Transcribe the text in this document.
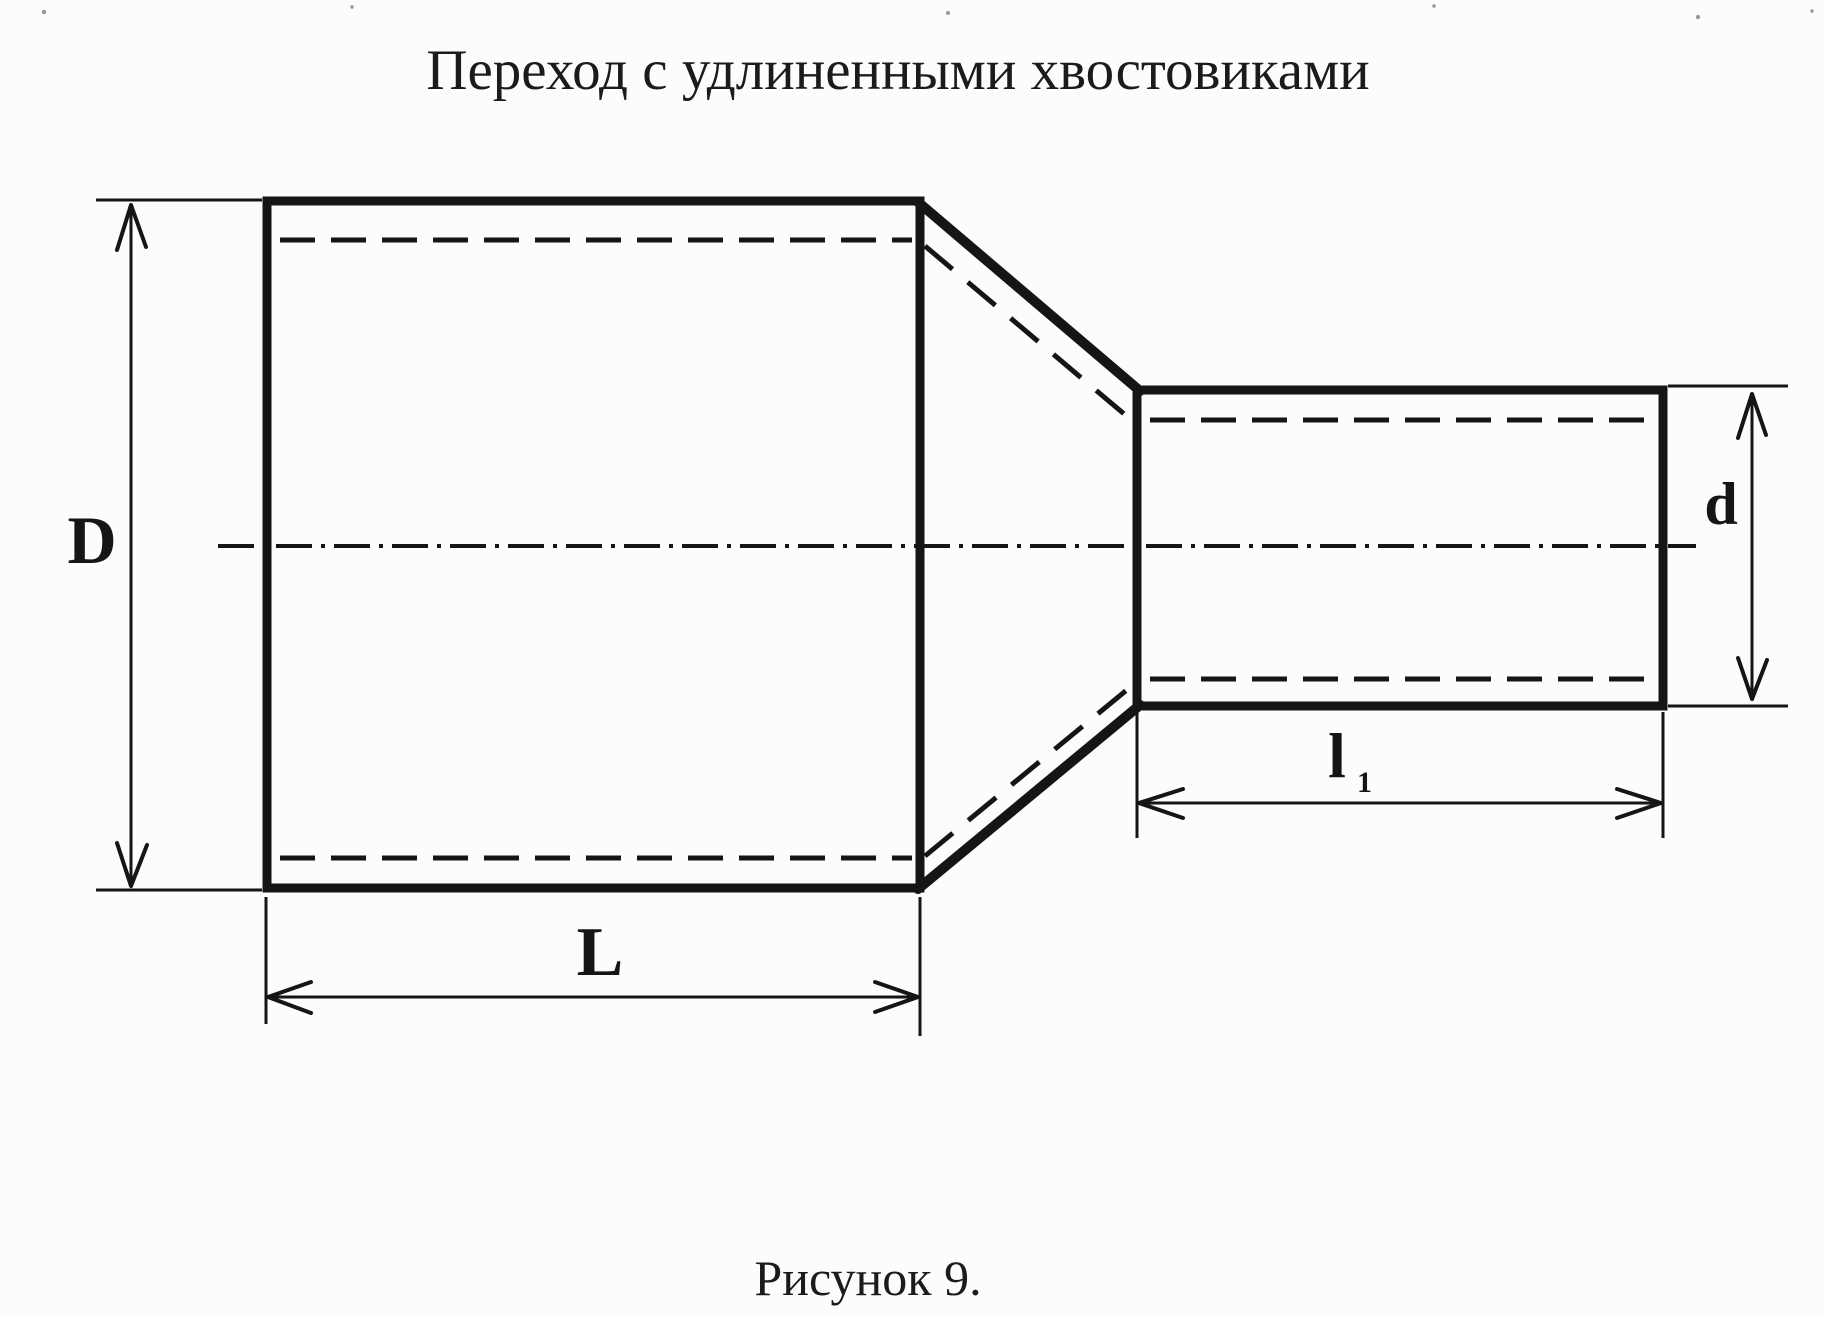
Переход с удлиненными хвостовиками
D
L
l 1
d
Рисунок 9.
